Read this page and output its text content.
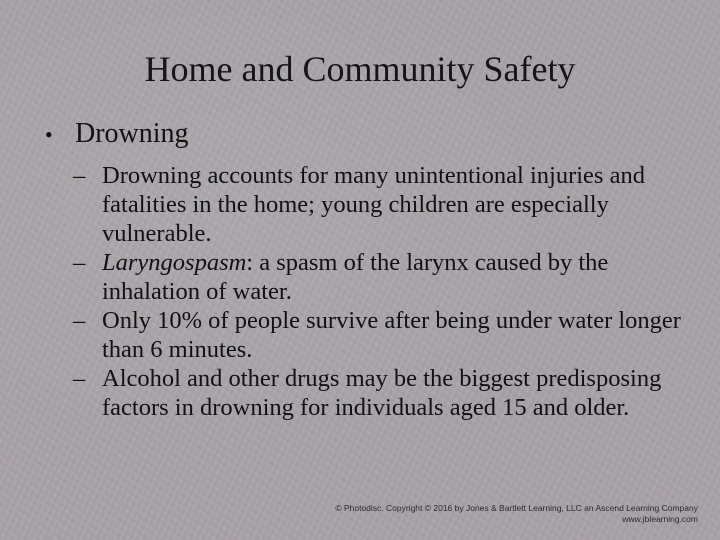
Home and Community Safety
• Drowning
– Drowning accounts for many unintentional injuries and fatalities in the home; young children are especially vulnerable.
– Laryngospasm: a spasm of the larynx caused by the inhalation of water.
– Only 10% of people survive after being under water longer than 6 minutes.
– Alcohol and other drugs may be the biggest predisposing factors in drowning for individuals aged 15 and older.
© Photodisc. Copyright © 2016 by Jones & Bartlett Learning, LLC an Ascend Learning Company
www.jblearning.com
